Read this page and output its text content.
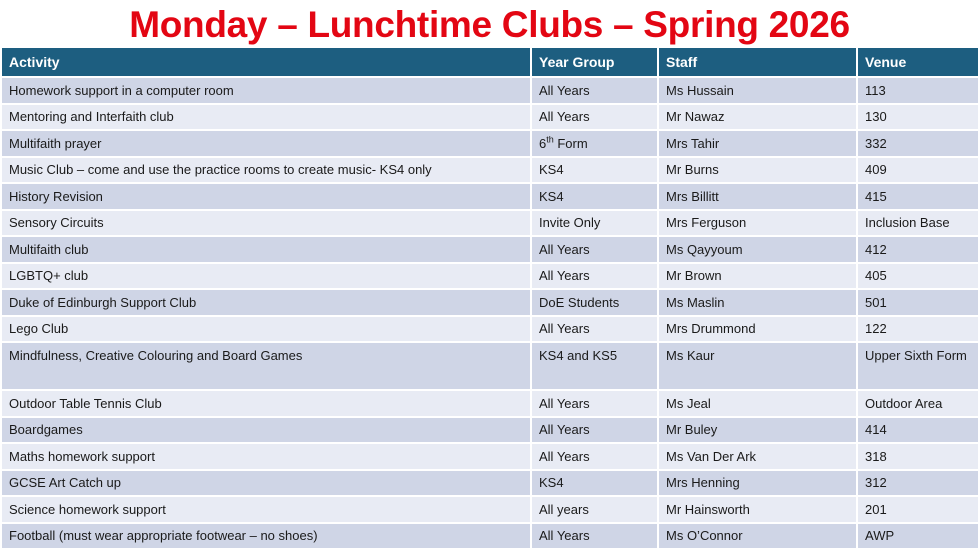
Monday – Lunchtime Clubs – Spring 2026
Activity	Year Group	Staff	Venue
Homework support in a computer room	All Years	Ms Hussain	113
Mentoring and Interfaith club	All Years	Mr Nawaz	130
Multifaith prayer	6th Form	Mrs Tahir	332
Music Club – come and use the practice rooms to create music- KS4 only	KS4	Mr Burns	409
History Revision	KS4	Mrs Billitt	415
Sensory Circuits	Invite Only	Mrs Ferguson	Inclusion Base
Multifaith club	All Years	Ms Qayyoum	412
LGBTQ+ club	All Years	Mr Brown	405
Duke of Edinburgh Support Club	DoE Students	Ms Maslin	501
Lego Club	All Years	Mrs Drummond	122
Mindfulness, Creative Colouring and Board Games	KS4 and KS5	Ms Kaur	Upper Sixth Form
Outdoor Table Tennis Club	All Years	Ms Jeal	Outdoor Area
Boardgames	All Years	Mr Buley	414
Maths homework support	All Years	Ms Van Der Ark	318
GCSE Art Catch up	KS4	Mrs Henning	312
Science homework support	All years	Mr Hainsworth	201
Football (must wear appropriate footwear – no shoes)	All Years	Ms O’Connor	AWP
